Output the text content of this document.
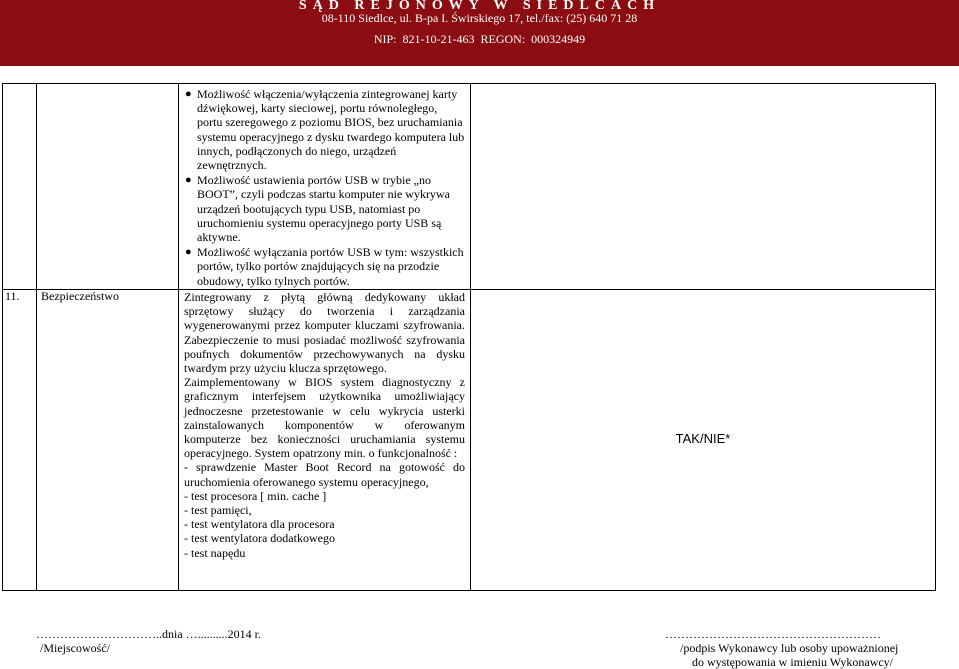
SĄD REJONOWY W SIEDLCACH
08-110 Siedlce, ul. B-pa I. Świrskiego 17, tel./fax: (25) 640 71 28
NIP: 821-10-21-463 REGON: 000324949
● Możliwość włączenia/wyłączenia zintegrowanej karty dźwiękowej, karty sieciowej, portu równoległego, portu szeregowego z poziomu BIOS, bez uruchamiania systemu operacyjnego z dysku twardego komputera lub innych, podłączonych do niego, urządzeń zewnętrznych.
● Możliwość ustawienia portów USB w trybie „no BOOT”, czyli podczas startu komputer nie wykrywa urządzeń bootujących typu USB, natomiast po uruchomieniu systemu operacyjnego porty USB są aktywne.
● Możliwość wyłączania portów USB w tym: wszystkich portów, tylko portów znajdujących się na przodzie obudowy, tylko tylnych portów.
11. Bezpieczeństwo	Zintegrowany z płytą główną dedykowany układ sprzętowy służący do tworzenia i zarządzania wygenerowanymi przez komputer kluczami szyfrowania. Zabezpieczenie to musi posiadać możliwość szyfrowania poufnych dokumentów przechowywanych na dysku twardym przy użyciu klucza sprzętowego.
Zaimplementowany w BIOS system diagnostyczny z graficznym interfejsem użytkownika umożliwiający jednoczesne przetestowanie w celu wykrycia usterki zainstalowanych komponentów w oferowanym komputerze bez konieczności uruchamiania systemu operacyjnego. System opatrzony min. o funkcjonalność :
- sprawdzenie Master Boot Record na gotowość do uruchomienia oferowanego systemu operacyjnego,
- test procesora [ min. cache ]
- test pamięci,
- test wentylatora dla procesora
- test wentylatora dodatkowego
- test napędu
TAK/NIE*
…………………………..dnia …..........2014 r.
/Miejscowość/
………………………………………………
/podpis Wykonawcy lub osoby upoważnionej
do występowania w imieniu Wykonawcy/
